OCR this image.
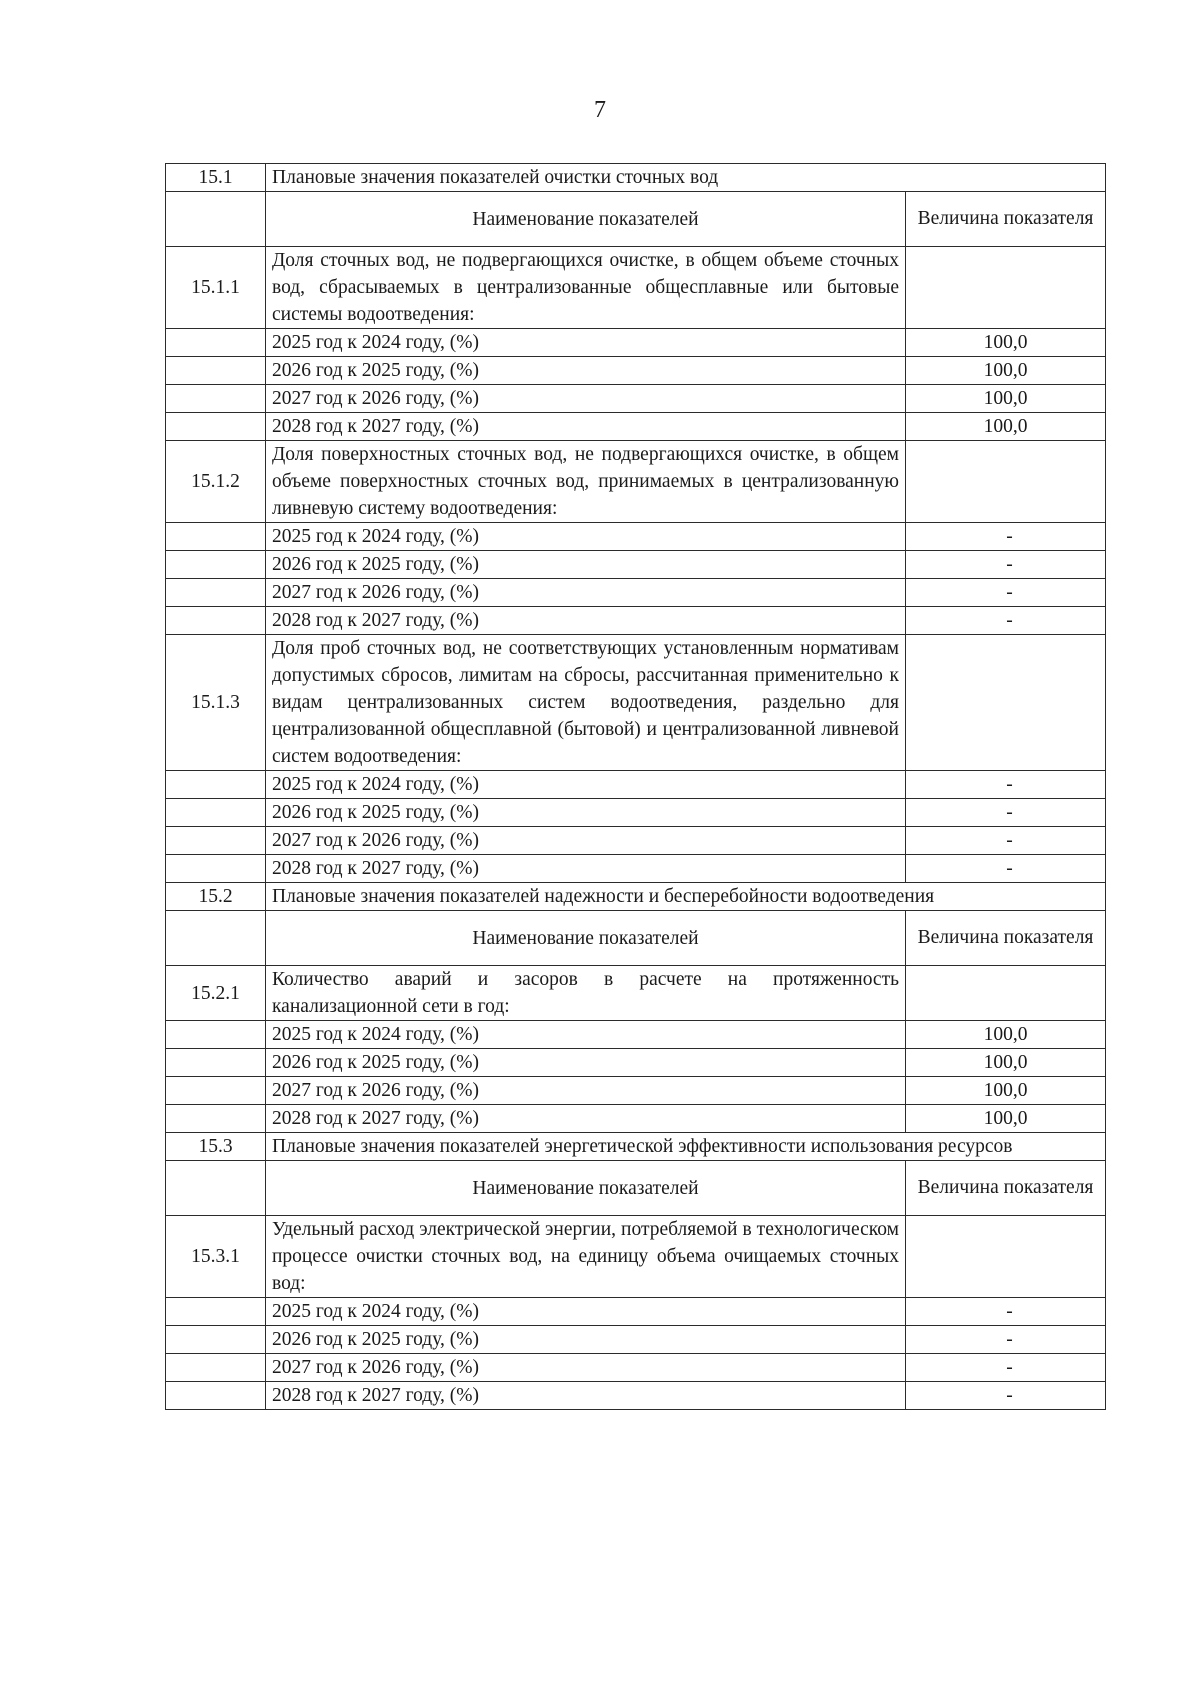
7
15.1	Плановые значения показателей очистки сточных вод	
	Наименование показателей	Величина показателя
15.1.1	Доля сточных вод, не подвергающихся очистке, в общем объеме сточных вод, сбрасываемых в централизованные общесплавные или бытовые системы водоотведения:	
	2025 год к 2024 году, (%)	100,0
	2026 год к 2025 году, (%)	100,0
	2027 год к 2026 году, (%)	100,0
	2028 год к 2027 году, (%)	100,0
15.1.2	Доля поверхностных сточных вод, не подвергающихся очистке, в общем объеме поверхностных сточных вод, принимаемых в централизованную ливневую систему водоотведения:	
	2025 год к 2024 году, (%)	-
	2026 год к 2025 году, (%)	-
	2027 год к 2026 году, (%)	-
	2028 год к 2027 году, (%)	-
15.1.3	Доля проб сточных вод, не соответствующих установленным нормативам допустимых сбросов, лимитам на сбросы, рассчитанная применительно к видам централизованных систем водоотведения, раздельно для централизованной общесплавной (бытовой) и централизованной ливневой систем водоотведения:	
	2025 год к 2024 году, (%)	-
	2026 год к 2025 году, (%)	-
	2027 год к 2026 году, (%)	-
	2028 год к 2027 году, (%)	-
15.2	Плановые значения показателей надежности и бесперебойности водоотведения	
	Наименование показателей	Величина показателя
15.2.1	Количество аварий и засоров в расчете на протяженность канализационной сети в год:	
	2025 год к 2024 году, (%)	100,0
	2026 год к 2025 году, (%)	100,0
	2027 год к 2026 году, (%)	100,0
	2028 год к 2027 году, (%)	100,0
15.3	Плановые значения показателей энергетической эффективности использования ресурсов	
	Наименование показателей	Величина показателя
15.3.1	Удельный расход электрической энергии, потребляемой в технологическом процессе очистки сточных вод, на единицу объема очищаемых сточных вод:	
	2025 год к 2024 году, (%)	-
	2026 год к 2025 году, (%)	-
	2027 год к 2026 году, (%)	-
	2028 год к 2027 году, (%)	-
